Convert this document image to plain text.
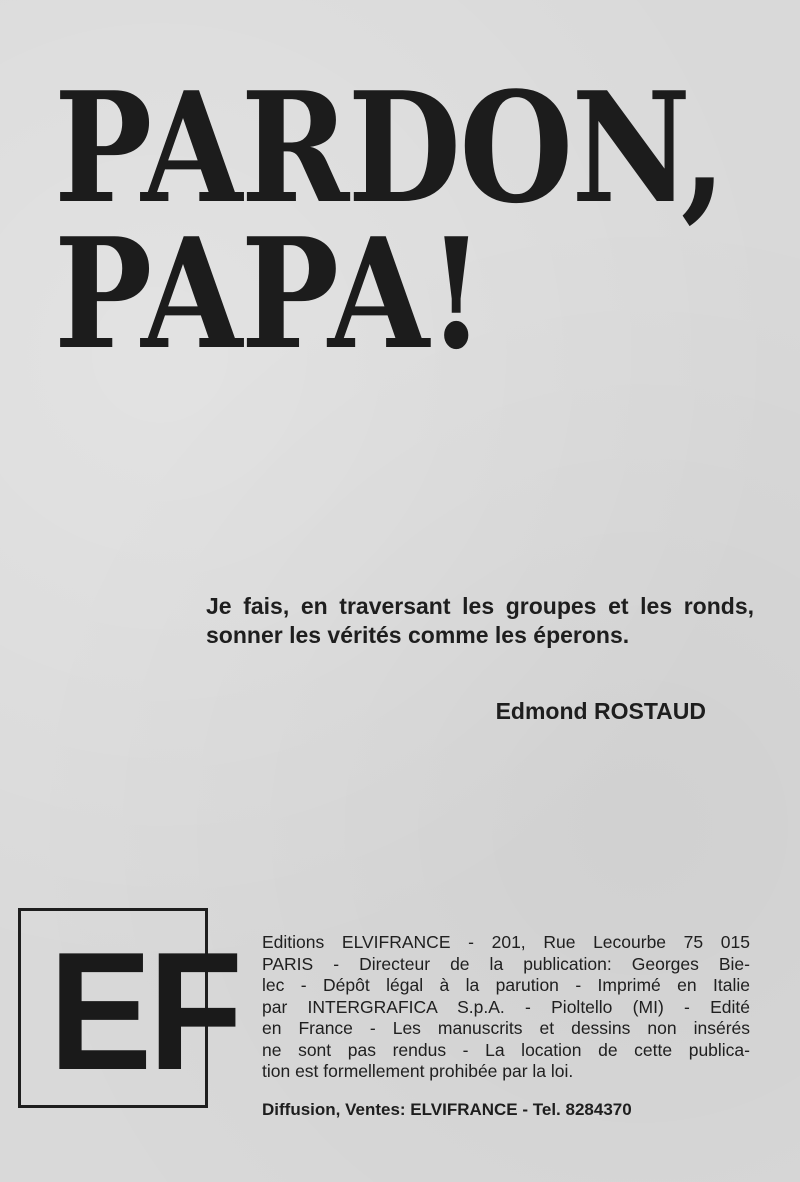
PARDON,
PAPA!
Je fais, en traversant les groupes et les ronds, sonner les vérités comme les éperons.
Edmond ROSTAUD
EF Editions ELVIFRANCE - 201, Rue Lecourbe 75 015
PARIS - Directeur de la publication: Georges Bie-
lec - Dépôt légal à la parution - Imprimé en Italie
par INTERGRAFICA S.p.A. - Pioltello (MI) - Edité
en France - Les manuscrits et dessins non insérés
ne sont pas rendus - La location de cette publica-
tion est formellement prohibée par la loi.
Diffusion, Ventes: ELVIFRANCE - Tel. 8284370
